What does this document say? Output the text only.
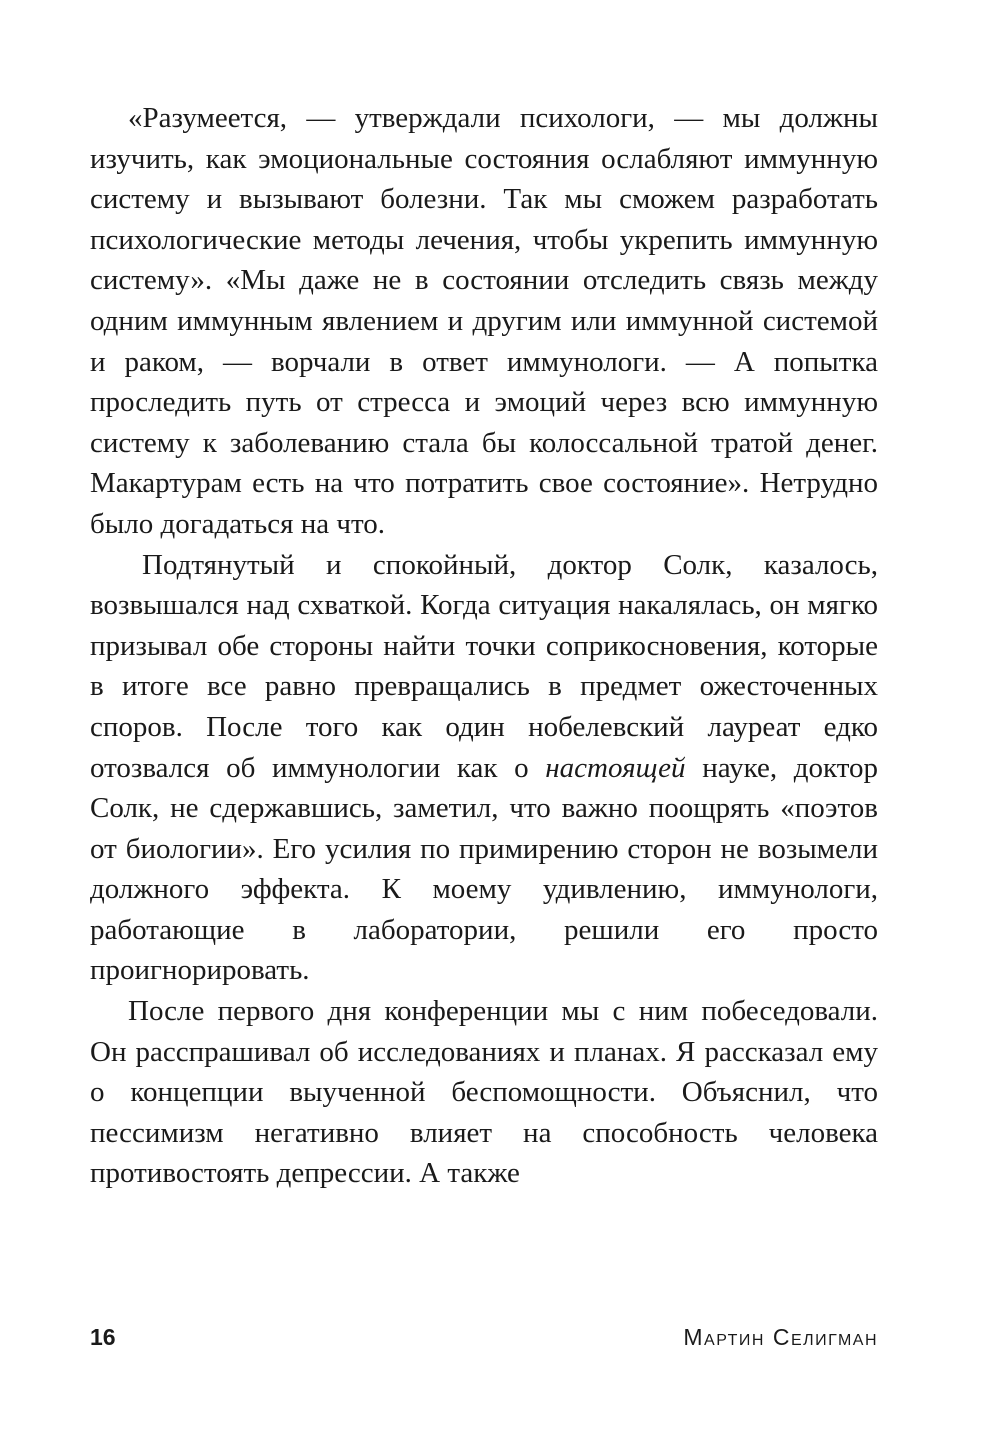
«Разумеется, — утверждали психологи, — мы должны изучить, как эмоциональные состояния ослабляют иммунную систему и вызывают болезни. Так мы сможем разработать психологические методы лечения, чтобы укрепить иммунную систему». «Мы даже не в состоянии отследить связь между одним иммунным явлением и другим или иммунной системой и раком, — ворчали в ответ иммунологи. — А попытка проследить путь от стресса и эмоций через всю иммунную систему к заболеванию стала бы колоссальной тратой денег. Макартурам есть на что потратить свое состояние». Нетрудно было догадаться на что.

Подтянутый и спокойный, доктор Солк, казалось, возвышался над схваткой. Когда ситуация накалялась, он мягко призывал обе стороны найти точки соприкосновения, которые в итоге все равно превращались в предмет ожесточенных споров. После того как один нобелевский лауреат едко отозвался об иммунологии как о настоящей науке, доктор Солк, не сдержавшись, заметил, что важно поощрять «поэтов от биологии». Его усилия по примирению сторон не возымели должного эффекта. К моему удивлению, иммунологи, работающие в лаборатории, решили его просто проигнорировать.

После первого дня конференции мы с ним побеседовали. Он расспрашивал об исследованиях и планах. Я рассказал ему о концепции выученной беспомощности. Объяснил, что пессимизм негативно влияет на способность человека противостоять депрессии. А также

16	Мартин Селигман
